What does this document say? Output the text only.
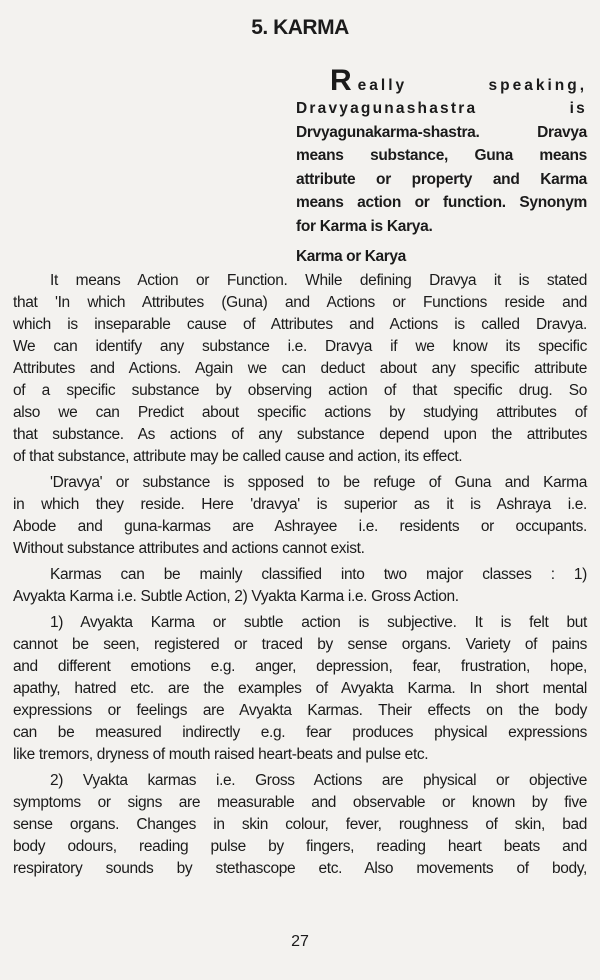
5. KARMA
R eally speaking,
Dravyagunashastra is
Drvyagunakarma-shastra. Dravya
means substance, Guna means
attribute or property and Karma
means action or function. Synonym
for Karma is Karya.
Karma or Karya
It means Action or Function. While defining Dravya it is stated
that 'In which Attributes (Guna) and Actions or Functions reside and
which is inseparable cause of Attributes and Actions is called Dravya.
We can identify any substance i.e. Dravya if we know its specific
Attributes and Actions. Again we can deduct about any specific attribute
of a specific substance by observing action of that specific drug. So
also we can Predict about specific actions by studying attributes of
that substance. As actions of any substance depend upon the attributes
of that substance, attribute may be called cause and action, its effect.
'Dravya' or substance is spposed to be refuge of Guna and Karma
in which they reside. Here 'dravya' is superior as it is Ashraya i.e.
Abode and guna-karmas are Ashrayee i.e. residents or occupants.
Without substance attributes and actions cannot exist.
Karmas can be mainly classified into two major classes : 1)
Avyakta Karma i.e. Subtle Action, 2) Vyakta Karma i.e. Gross Action.
1) Avyakta Karma or subtle action is subjective. It is felt but
cannot be seen, registered or traced by sense organs. Variety of pains
and different emotions e.g. anger, depression, fear, frustration, hope,
apathy, hatred etc. are the examples of Avyakta Karma. In short mental
expressions or feelings are Avyakta Karmas. Their effects on the body
can be measured indirectly e.g. fear produces physical expressions
like tremors, dryness of mouth raised heart-beats and pulse etc.
2) Vyakta karmas i.e. Gross Actions are physical or objective
symptoms or signs are measurable and observable or known by five
sense organs. Changes in skin colour, fever, roughness of skin, bad
body odours, reading pulse by fingers, reading heart beats and
respiratory sounds by stethascope etc. Also movements of body,
27
